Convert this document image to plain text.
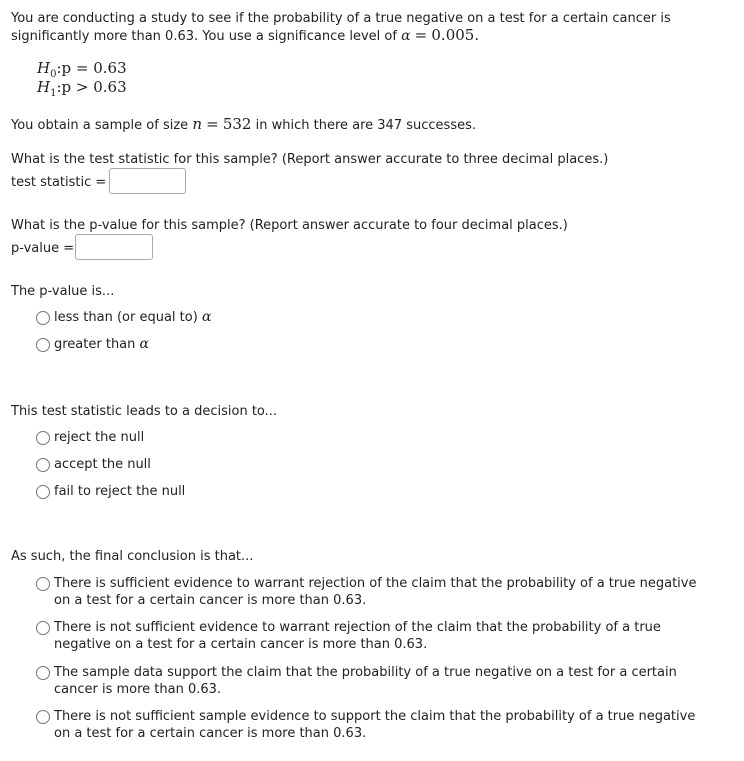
You are conducting a study to see if the probability of a true negative on a test for a certain cancer is
significantly more than 0.63. You use a significance level of α = 0.005.
$H_0:p = 0.63$
$H_1:p > 0.63$
You obtain a sample of size n = 532 in which there are 347 successes.
What is the test statistic for this sample? (Report answer accurate to three decimal places.)
test statistic =
What is the p-value for this sample? (Report answer accurate to four decimal places.)
p-value =
The p-value is...
less than (or equal to) α
greater than α
This test statistic leads to a decision to...
reject the null
accept the null
fail to reject the null
As such, the final conclusion is that...
There is sufficient evidence to warrant rejection of the claim that the probability of a true negative
on a test for a certain cancer is more than 0.63.
There is not sufficient evidence to warrant rejection of the claim that the probability of a true
negative on a test for a certain cancer is more than 0.63.
The sample data support the claim that the probability of a true negative on a test for a certain
cancer is more than 0.63.
There is not sufficient sample evidence to support the claim that the probability of a true negative
on a test for a certain cancer is more than 0.63.
